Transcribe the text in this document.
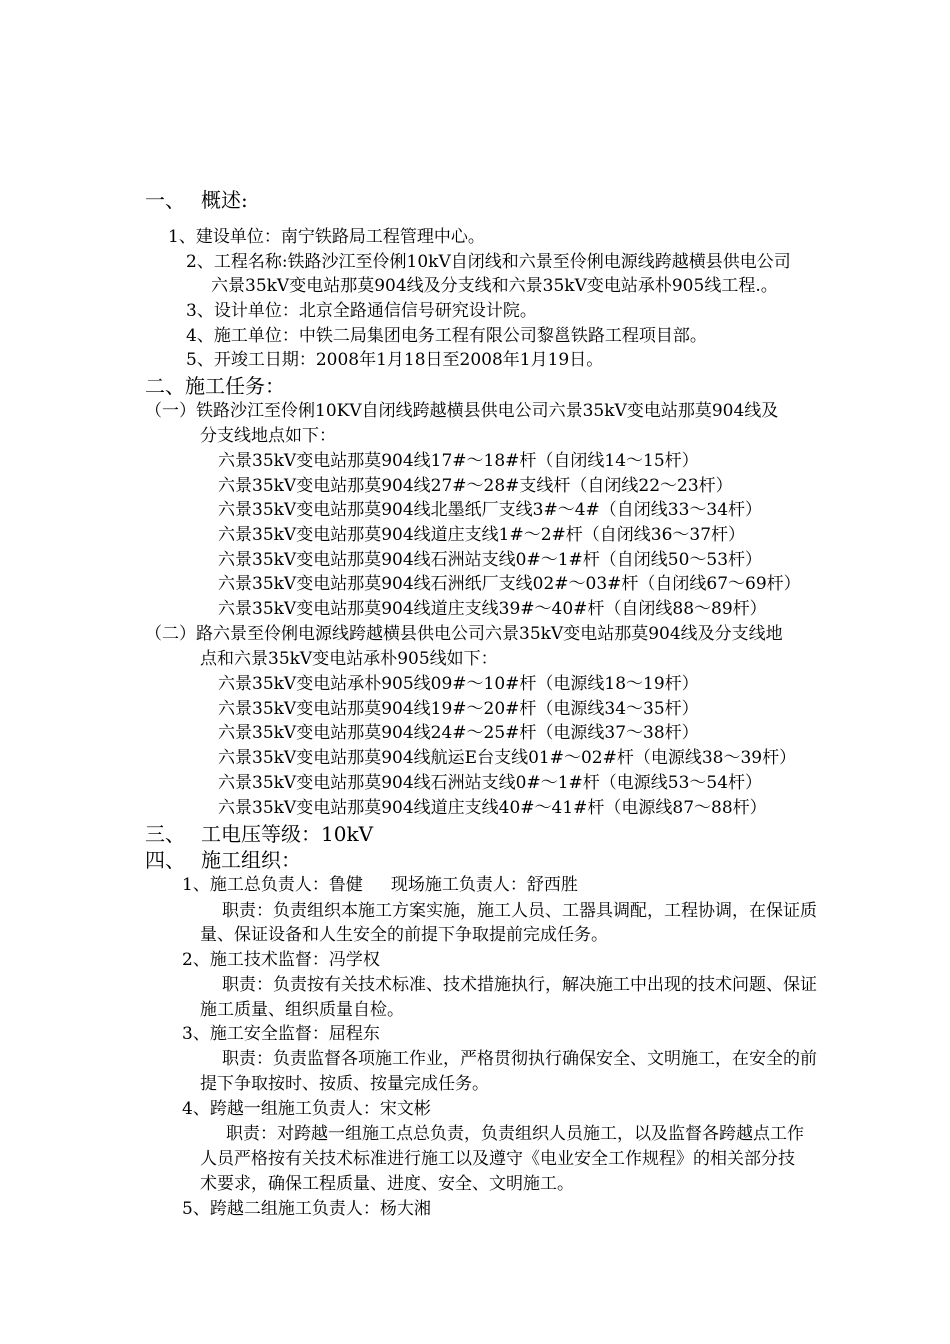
一、 概述:
1、建设单位：南宁铁路局工程管理中心。
2、工程名称:铁路沙江至伶俐10kV自闭线和六景至伶俐电源线跨越横县供电公司
六景35kV变电站那莫904线及分支线和六景35kV变电站承朴905线工程.。
3、设计单位：北京全路通信信号研究设计院。
4、施工单位：中铁二局集团电务工程有限公司黎邕铁路工程项目部。
5、开竣工日期：2008年1月18日至2008年1月19日。
二、施工任务：
（一）铁路沙江至伶俐10KV自闭线跨越横县供电公司六景35kV变电站那莫904线及
分支线地点如下：
六景35kV变电站那莫904线17#～18#杆（自闭线14～15杆）
六景35kV变电站那莫904线27#～28#支线杆（自闭线22～23杆）
六景35kV变电站那莫904线北墨纸厂支线3#～4#（自闭线33～34杆）
六景35kV变电站那莫904线道庄支线1#～2#杆（自闭线36～37杆）
六景35kV变电站那莫904线石洲站支线0#～1#杆（自闭线50～53杆）
六景35kV变电站那莫904线石洲纸厂支线02#～03#杆（自闭线67～69杆）
六景35kV变电站那莫904线道庄支线39#～40#杆（自闭线88～89杆）
（二）路六景至伶俐电源线跨越横县供电公司六景35kV变电站那莫904线及分支线地
点和六景35kV变电站承朴905线如下：
六景35kV变电站承朴905线09#～10#杆（电源线18～19杆）
六景35kV变电站那莫904线19#～20#杆（电源线34～35杆）
六景35kV变电站那莫904线24#～25#杆（电源线37～38杆）
六景35kV变电站那莫904线航运E台支线01#～02#杆（电源线38～39杆）
六景35kV变电站那莫904线石洲站支线0#～1#杆（电源线53～54杆）
六景35kV变电站那莫904线道庄支线40#～41#杆（电源线87～88杆）
三、 工电压等级：10kV
四、 施工组织：
1、施工总负责人：鲁健 现场施工负责人：舒西胜
职责：负责组织本施工方案实施，施工人员、工器具调配，工程协调，在保证质
量、保证设备和人生安全的前提下争取提前完成任务。
2、施工技术监督：冯学权
职责：负责按有关技术标准、技术措施执行，解决施工中出现的技术问题、保证
施工质量、组织质量自检。
3、施工安全监督：屈程东
职责：负责监督各项施工作业，严格贯彻执行确保安全、文明施工，在安全的前
提下争取按时、按质、按量完成任务。
4、跨越一组施工负责人：宋文彬
职责：对跨越一组施工点总负责，负责组织人员施工，以及监督各跨越点工作
人员严格按有关技术标准进行施工以及遵守《电业安全工作规程》的相关部分技
术要求，确保工程质量、进度、安全、文明施工。
5、跨越二组施工负责人：杨大湘
